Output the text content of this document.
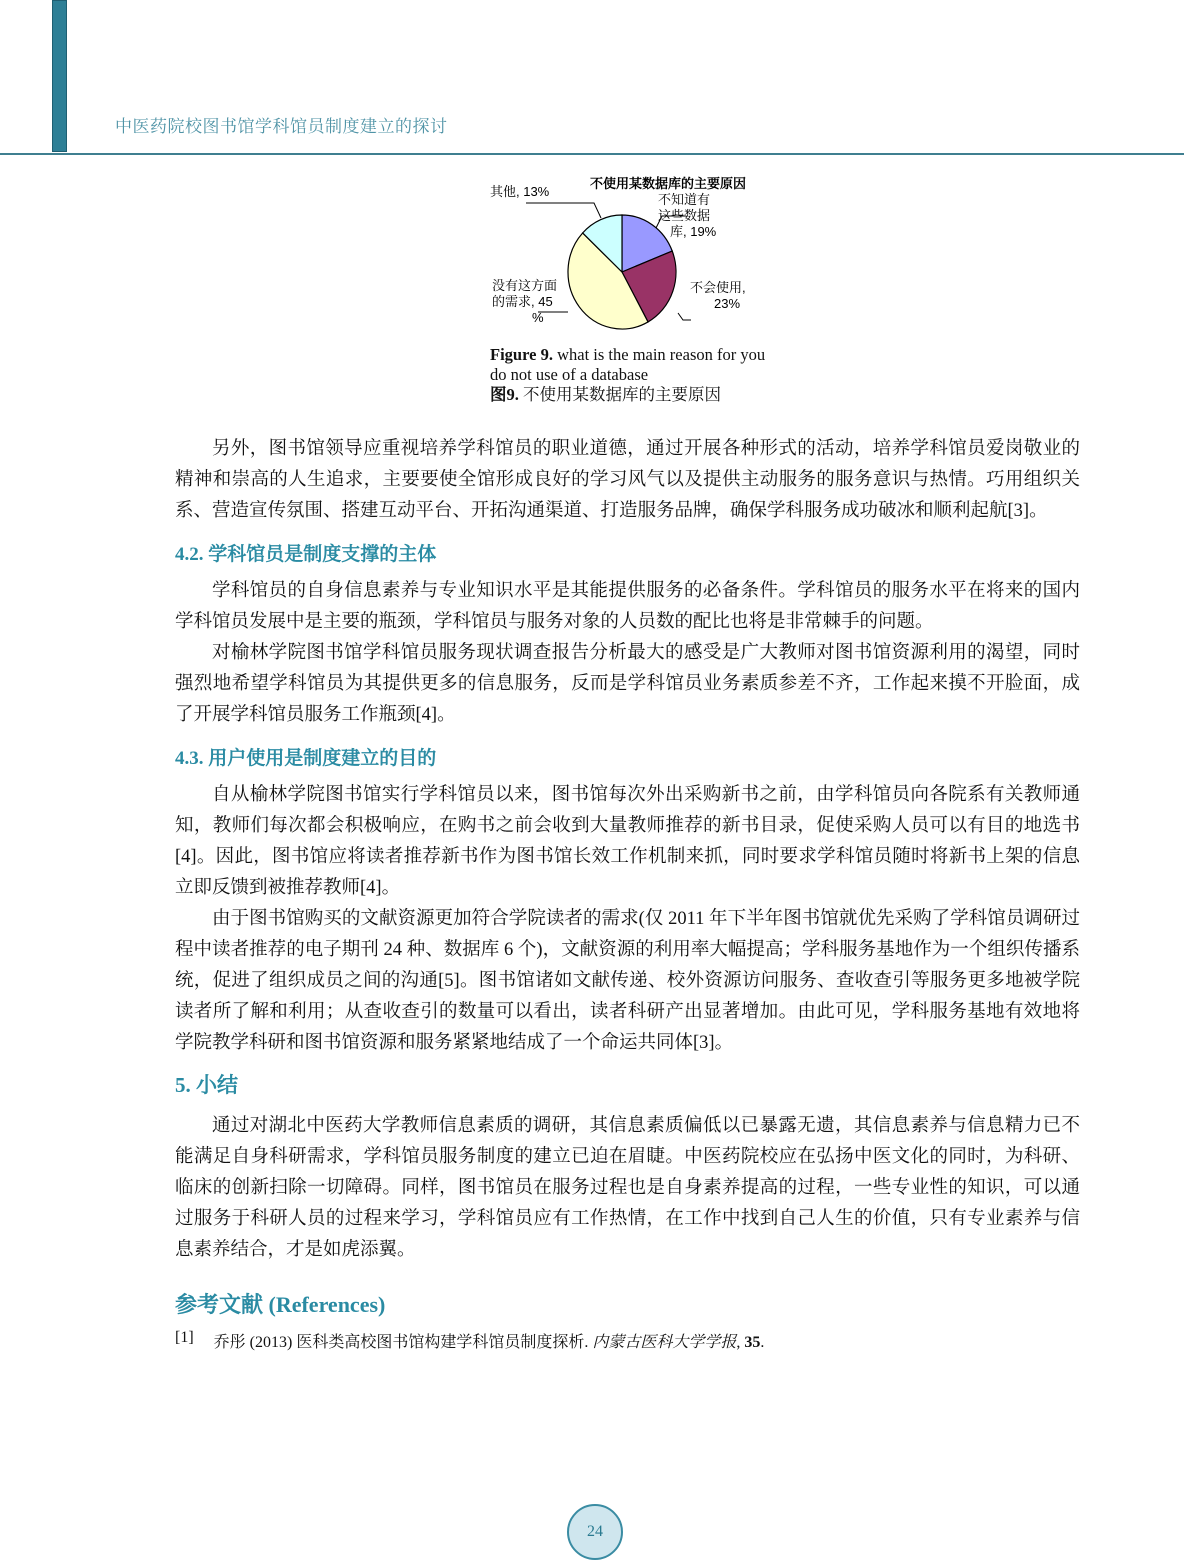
中医药院校图书馆学科馆员制度建立的探讨
不使用某数据库的主要原因
不知道有
这些数据
库, 19%
不会使用,
23%
没有这方面
的需求, 45
%
其他, 13%
Figure 9. what is the main reason for you do not use of a database
图9. 不使用某数据库的主要原因

另外，图书馆领导应重视培养学科馆员的职业道德，通过开展各种形式的活动，培养学科馆员爱岗敬业的精神和崇高的人生追求，主要要使全馆形成良好的学习风气以及提供主动服务的服务意识与热情。巧用组织关系、营造宣传氛围、搭建互动平台、开拓沟通渠道、打造服务品牌，确保学科服务成功破冰和顺利起航[3]。

4.2. 学科馆员是制度支撑的主体

学科馆员的自身信息素养与专业知识水平是其能提供服务的必备条件。学科馆员的服务水平在将来的国内学科馆员发展中是主要的瓶颈，学科馆员与服务对象的人员数的配比也将是非常棘手的问题。

对榆林学院图书馆学科馆员服务现状调查报告分析最大的感受是广大教师对图书馆资源利用的渴望，同时强烈地希望学科馆员为其提供更多的信息服务，反而是学科馆员业务素质参差不齐，工作起来摸不开脸面，成了开展学科馆员服务工作瓶颈[4]。

4.3. 用户使用是制度建立的目的

自从榆林学院图书馆实行学科馆员以来，图书馆每次外出采购新书之前，由学科馆员向各院系有关教师通知，教师们每次都会积极响应，在购书之前会收到大量教师推荐的新书目录，促使采购人员可以有目的地选书[4]。因此，图书馆应将读者推荐新书作为图书馆长效工作机制来抓，同时要求学科馆员随时将新书上架的信息立即反馈到被推荐教师[4]。

由于图书馆购买的文献资源更加符合学院读者的需求(仅 2011 年下半年图书馆就优先采购了学科馆员调研过程中读者推荐的电子期刊 24 种、数据库 6 个)，文献资源的利用率大幅提高；学科服务基地作为一个组织传播系统，促进了组织成员之间的沟通[5]。图书馆诸如文献传递、校外资源访问服务、查收查引等服务更多地被学院读者所了解和利用；从查收查引的数量可以看出，读者科研产出显著增加。由此可见，学科服务基地有效地将学院教学科研和图书馆资源和服务紧紧地结成了一个命运共同体[3]。

5. 小结

通过对湖北中医药大学教师信息素质的调研，其信息素质偏低以已暴露无遗，其信息素养与信息精力已不能满足自身科研需求，学科馆员服务制度的建立已迫在眉睫。中医药院校应在弘扬中医文化的同时，为科研、临床的创新扫除一切障碍。同样，图书馆员在服务过程也是自身素养提高的过程，一些专业性的知识，可以通过服务于科研人员的过程来学习，学科馆员应有工作热情，在工作中找到自己人生的价值，只有专业素养与信息素养结合，才是如虎添翼。

参考文献 (References)
[1] 乔彤 (2013) 医科类高校图书馆构建学科馆员制度探析. 内蒙古医科大学学报, 35.
24
